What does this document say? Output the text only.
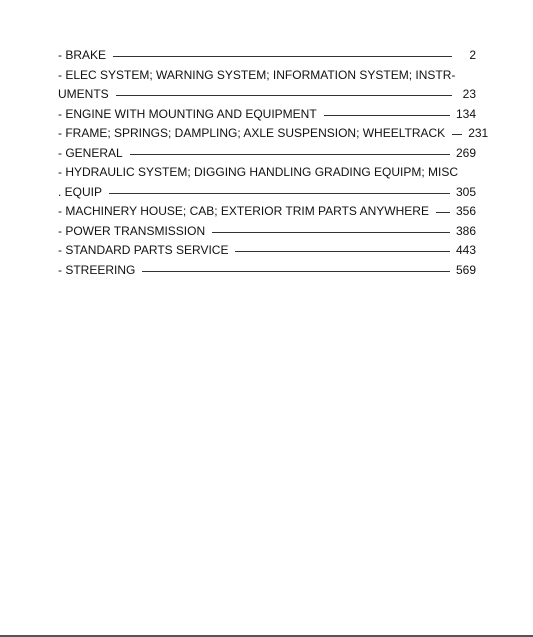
- BRAKE	2
- ELEC SYSTEM; WARNING SYSTEM; INFORMATION SYSTEM; INSTR-
UMENTS	23
- ENGINE WITH MOUNTING AND EQUIPMENT	134
- FRAME; SPRINGS; DAMPLING; AXLE SUSPENSION; WHEELTRACK 231
- GENERAL	269
- HYDRAULIC SYSTEM; DIGGING HANDLING GRADING EQUIPM; MISC
. EQUIP	305
- MACHINERY HOUSE; CAB; EXTERIOR TRIM PARTS ANYWHERE 356
- POWER TRANSMISSION	386
- STANDARD PARTS SERVICE	443
- STREERING	569
